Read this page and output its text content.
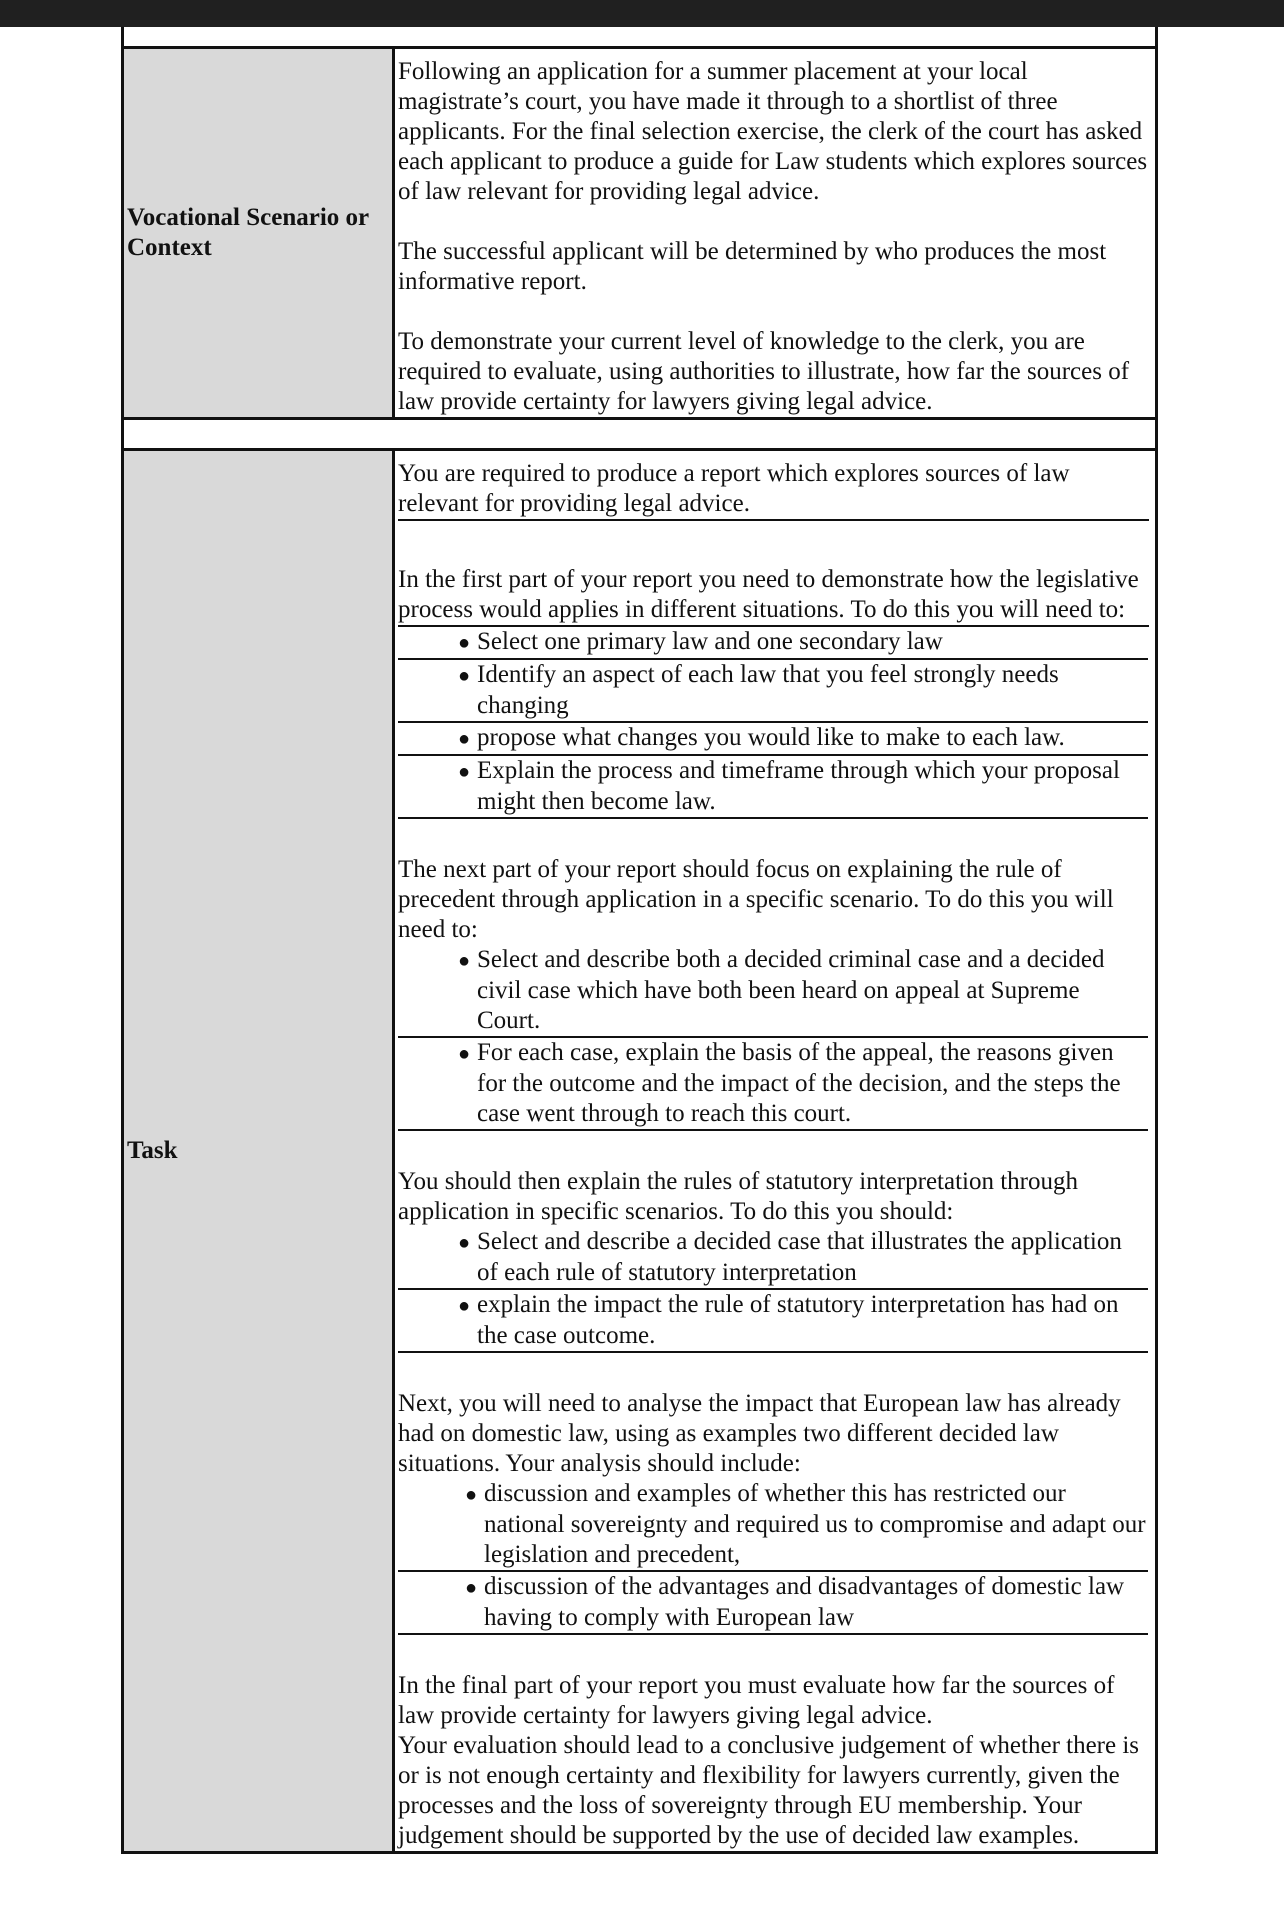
Vocational Scenario or Context

Following an application for a summer placement at your local magistrate’s court, you have made it through to a shortlist of three applicants. For the final selection exercise, the clerk of the court has asked each applicant to produce a guide for Law students which explores sources of law relevant for providing legal advice.

The successful applicant will be determined by who produces the most informative report.

To demonstrate your current level of knowledge to the clerk, you are required to evaluate, using authorities to illustrate, how far the sources of law provide certainty for lawyers giving legal advice.

Task

You are required to produce a report which explores sources of law relevant for providing legal advice.

In the first part of your report you need to demonstrate how the legislative process would applies in different situations. To do this you will need to:

● Select one primary law and one secondary law
● Identify an aspect of each law that you feel strongly needs changing
● propose what changes you would like to make to each law.
● Explain the process and timeframe through which your proposal might then become law.

The next part of your report should focus on explaining the rule of precedent through application in a specific scenario. To do this you will need to:

● Select and describe both a decided criminal case and a decided civil case which have both been heard on appeal at Supreme Court.
● For each case, explain the basis of the appeal, the reasons given for the outcome and the impact of the decision, and the steps the case went through to reach this court.

You should then explain the rules of statutory interpretation through application in specific scenarios. To do this you should:

● Select and describe a decided case that illustrates the application of each rule of statutory interpretation
● explain the impact the rule of statutory interpretation has had on the case outcome.

Next, you will need to analyse the impact that European law has already had on domestic law, using as examples two different decided law situations. Your analysis should include:

● discussion and examples of whether this has restricted our national sovereignty and required us to compromise and adapt our legislation and precedent,
● discussion of the advantages and disadvantages of domestic law having to comply with European law

In the final part of your report you must evaluate how far the sources of law provide certainty for lawyers giving legal advice.

Your evaluation should lead to a conclusive judgement of whether there is or is not enough certainty and flexibility for lawyers currently, given the processes and the loss of sovereignty through EU membership. Your judgement should be supported by the use of decided law examples.
